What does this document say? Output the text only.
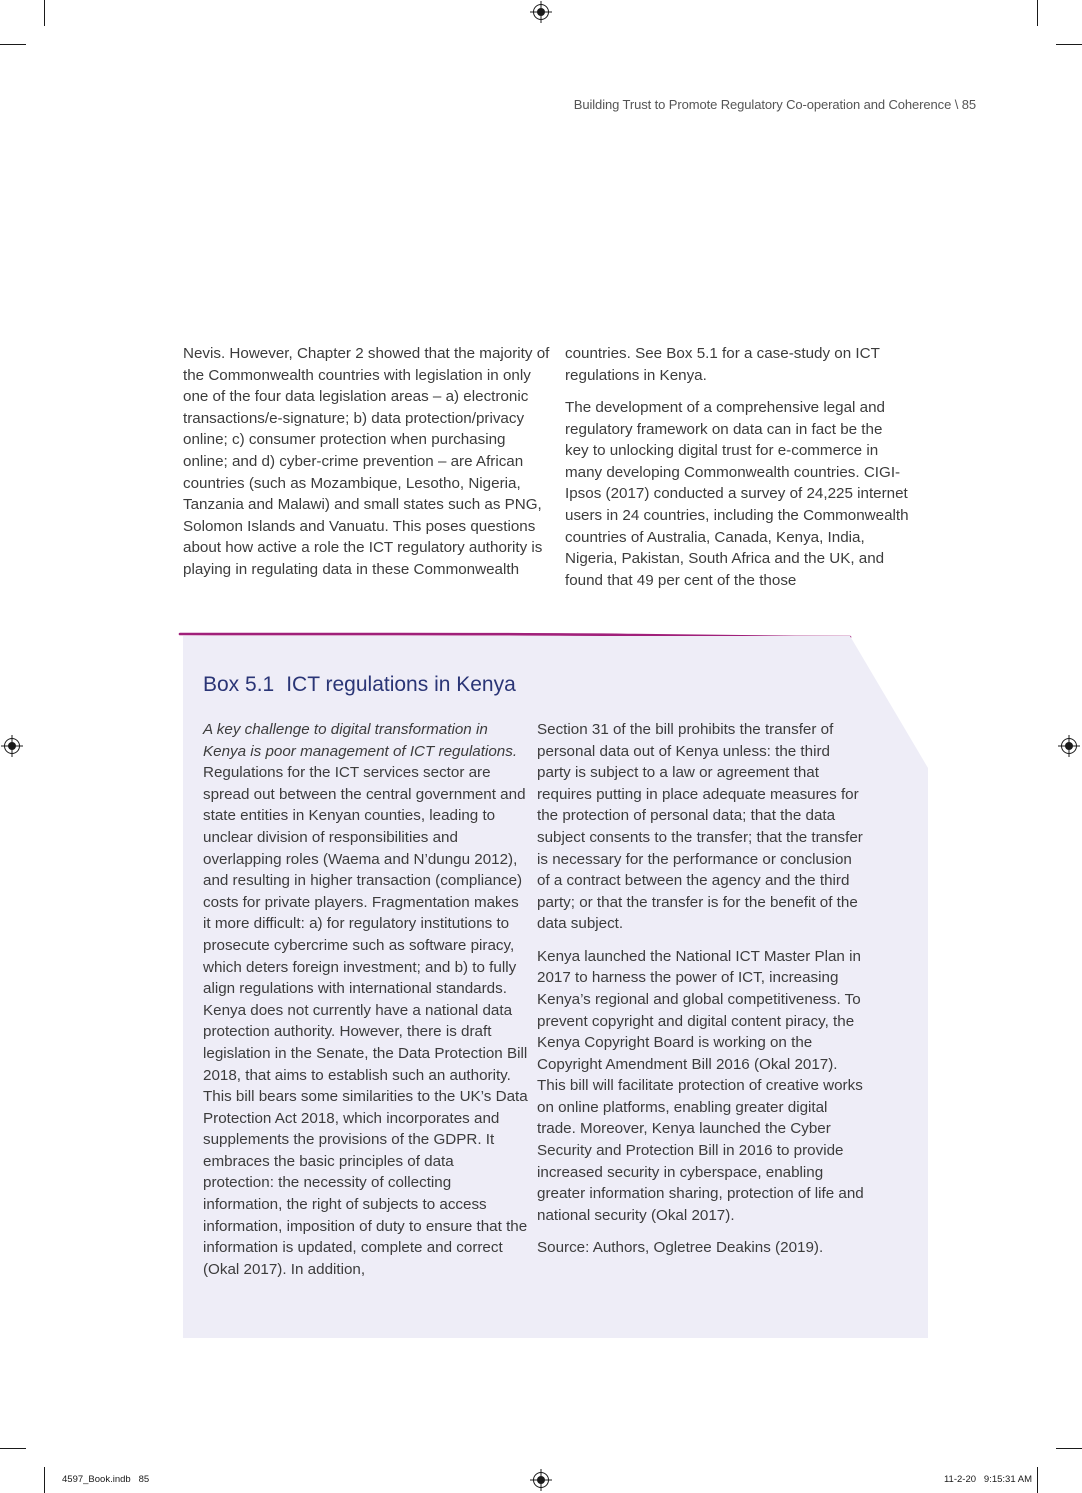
Building Trust to Promote Regulatory Co-operation and Coherence \ 85

Nevis. However, Chapter 2 showed that the majority of the Commonwealth countries with legislation in only one of the four data legislation areas – a) electronic transactions/e-signature; b) data protection/privacy online; c) consumer protection when purchasing online; and d) cyber-crime prevention – are African countries (such as Mozambique, Lesotho, Nigeria, Tanzania and Malawi) and small states such as PNG, Solomon Islands and Vanuatu. This poses questions about how active a role the ICT regulatory authority is playing in regulating data in these Commonwealth

countries. See Box 5.1 for a case-study on ICT regulations in Kenya.

The development of a comprehensive legal and regulatory framework on data can in fact be the key to unlocking digital trust for e-commerce in many developing Commonwealth countries. CIGI-Ipsos (2017) conducted a survey of 24,225 internet users in 24 countries, including the Commonwealth countries of Australia, Canada, Kenya, India, Nigeria, Pakistan, South Africa and the UK, and found that 49 per cent of the those

Box 5.1 ICT regulations in Kenya

A key challenge to digital transformation in Kenya is poor management of ICT regulations. Regulations for the ICT services sector are spread out between the central government and state entities in Kenyan counties, leading to unclear division of responsibilities and overlapping roles (Waema and N’dungu 2012), and resulting in higher transaction (compliance) costs for private players. Fragmentation makes it more difficult: a) for regulatory institutions to prosecute cybercrime such as software piracy, which deters foreign investment; and b) to fully align regulations with international standards. Kenya does not currently have a national data protection authority. However, there is draft legislation in the Senate, the Data Protection Bill 2018, that aims to establish such an authority. This bill bears some similarities to the UK’s Data Protection Act 2018, which incorporates and supplements the provisions of the GDPR. It embraces the basic principles of data protection: the necessity of collecting information, the right of subjects to access information, imposition of duty to ensure that the information is updated, complete and correct (Okal 2017). In addition,

Section 31 of the bill prohibits the transfer of personal data out of Kenya unless: the third party is subject to a law or agreement that requires putting in place adequate measures for the protection of personal data; that the data subject consents to the transfer; that the transfer is necessary for the performance or conclusion of a contract between the agency and the third party; or that the transfer is for the benefit of the data subject.

Kenya launched the National ICT Master Plan in 2017 to harness the power of ICT, increasing Kenya’s regional and global competitiveness. To prevent copyright and digital content piracy, the Kenya Copyright Board is working on the Copyright Amendment Bill 2016 (Okal 2017). This bill will facilitate protection of creative works on online platforms, enabling greater digital trade. Moreover, Kenya launched the Cyber Security and Protection Bill in 2016 to provide increased security in cyberspace, enabling greater information sharing, protection of life and national security (Okal 2017).

Source: Authors, Ogletree Deakins (2019).

4597_Book.indb   85	11-2-20   9:15:31 AM
